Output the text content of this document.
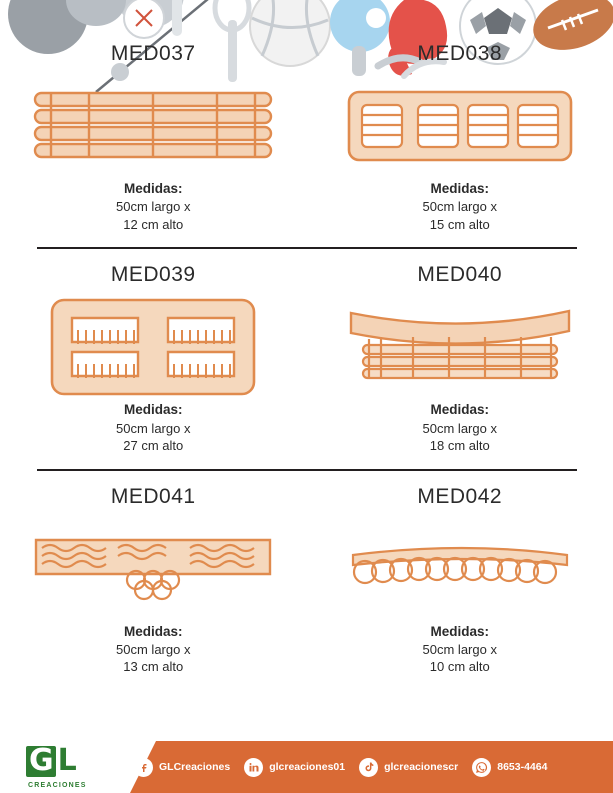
MED037
Medidas:
50cm largo x
12 cm alto
MED038
Medidas:
50cm largo x
15 cm alto
MED039
Medidas:
50cm largo x
27 cm alto
MED040
Medidas:
50cm largo x
18 cm alto
MED041
Medidas:
50cm largo x
13 cm alto
MED042
Medidas:
50cm largo x
10 cm alto
G L
CREACIONES
GLCreaciones	glcreaciones01	glcreacionescr	8653-4464
